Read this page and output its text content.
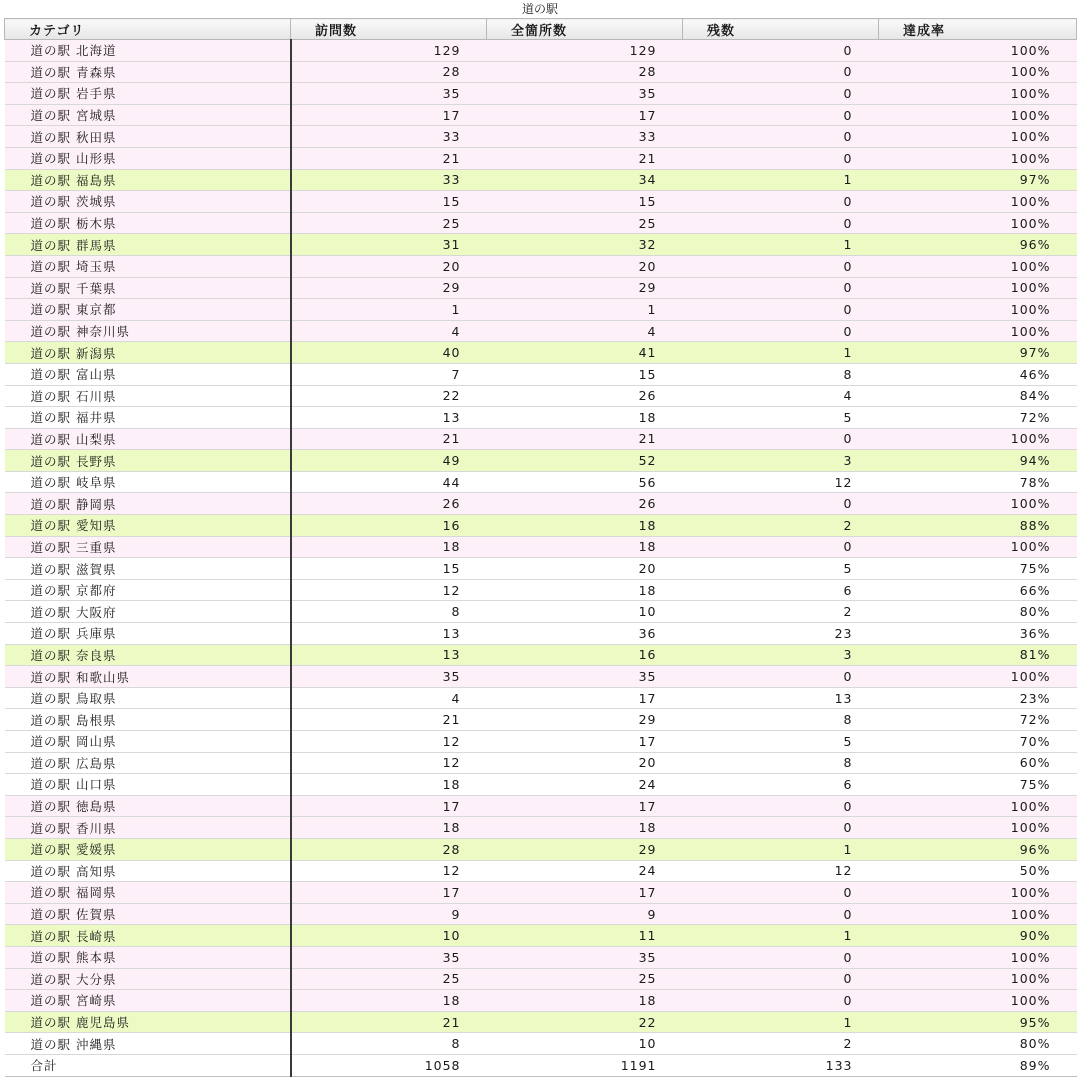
道の駅
カテゴリ	訪問数	全箇所数	残数	達成率
道の駅 北海道	129	129	0	100%
道の駅 青森県	28	28	0	100%
道の駅 岩手県	35	35	0	100%
道の駅 宮城県	17	17	0	100%
道の駅 秋田県	33	33	0	100%
道の駅 山形県	21	21	0	100%
道の駅 福島県	33	34	1	97%
道の駅 茨城県	15	15	0	100%
道の駅 栃木県	25	25	0	100%
道の駅 群馬県	31	32	1	96%
道の駅 埼玉県	20	20	0	100%
道の駅 千葉県	29	29	0	100%
道の駅 東京都	1	1	0	100%
道の駅 神奈川県	4	4	0	100%
道の駅 新潟県	40	41	1	97%
道の駅 富山県	7	15	8	46%
道の駅 石川県	22	26	4	84%
道の駅 福井県	13	18	5	72%
道の駅 山梨県	21	21	0	100%
道の駅 長野県	49	52	3	94%
道の駅 岐阜県	44	56	12	78%
道の駅 静岡県	26	26	0	100%
道の駅 愛知県	16	18	2	88%
道の駅 三重県	18	18	0	100%
道の駅 滋賀県	15	20	5	75%
道の駅 京都府	12	18	6	66%
道の駅 大阪府	8	10	2	80%
道の駅 兵庫県	13	36	23	36%
道の駅 奈良県	13	16	3	81%
道の駅 和歌山県	35	35	0	100%
道の駅 鳥取県	4	17	13	23%
道の駅 島根県	21	29	8	72%
道の駅 岡山県	12	17	5	70%
道の駅 広島県	12	20	8	60%
道の駅 山口県	18	24	6	75%
道の駅 徳島県	17	17	0	100%
道の駅 香川県	18	18	0	100%
道の駅 愛媛県	28	29	1	96%
道の駅 高知県	12	24	12	50%
道の駅 福岡県	17	17	0	100%
道の駅 佐賀県	9	9	0	100%
道の駅 長崎県	10	11	1	90%
道の駅 熊本県	35	35	0	100%
道の駅 大分県	25	25	0	100%
道の駅 宮崎県	18	18	0	100%
道の駅 鹿児島県	21	22	1	95%
道の駅 沖縄県	8	10	2	80%
合計	1058	1191	133	89%
